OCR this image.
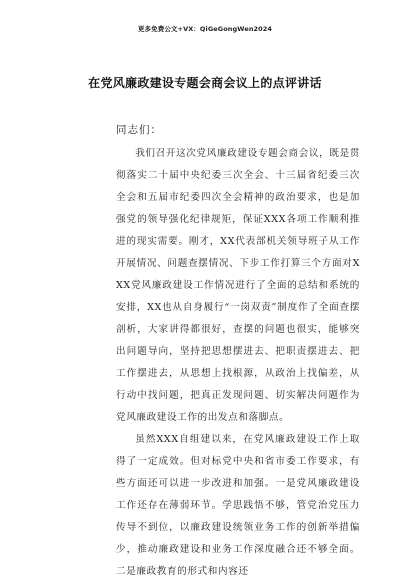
更多免费公文+VX：QiGeGongWen2024
在党风廉政建设专题会商会议上的点评讲话
同志们：

我们召开这次党风廉政建设专题会商会议，既是贯彻落实二十届中央纪委三次全会、十三届省纪委三次全会和五届市纪委四次全会精神的政治要求，也是加强党的领导强化纪律规矩，保证XXX各项工作顺利推进的现实需要。刚才，XX代表部机关领导班子从工作开展情况、问题查摆情况、下步工作打算三个方面对XXX党风廉政建设工作情况进行了全面的总结和系统的安排，XX也从自身履行“一岗双责”制度作了全面查摆剖析，大家讲得都很好，查摆的问题也很实，能够突出问题导向，坚持把思想摆进去、把职责摆进去、把工作摆进去，从思想上找根源，从政治上找偏差，从行动中找问题，把真正发现问题、切实解决问题作为党风廉政建设工作的出发点和落脚点。

虽然XXX自组建以来，在党风廉政建设工作上取得了一定成效。但对标党中央和省市委工作要求，有些方面还可以进一步改进和加强。一是党风廉政建设工作还存在薄弱环节。学思践悟不够，管党治党压力传导不到位，以廉政建设统领业务工作的创新举措偏少，推动廉政建设和业务工作深度融合还不够全面。二是廉政教育的形式和内容还
